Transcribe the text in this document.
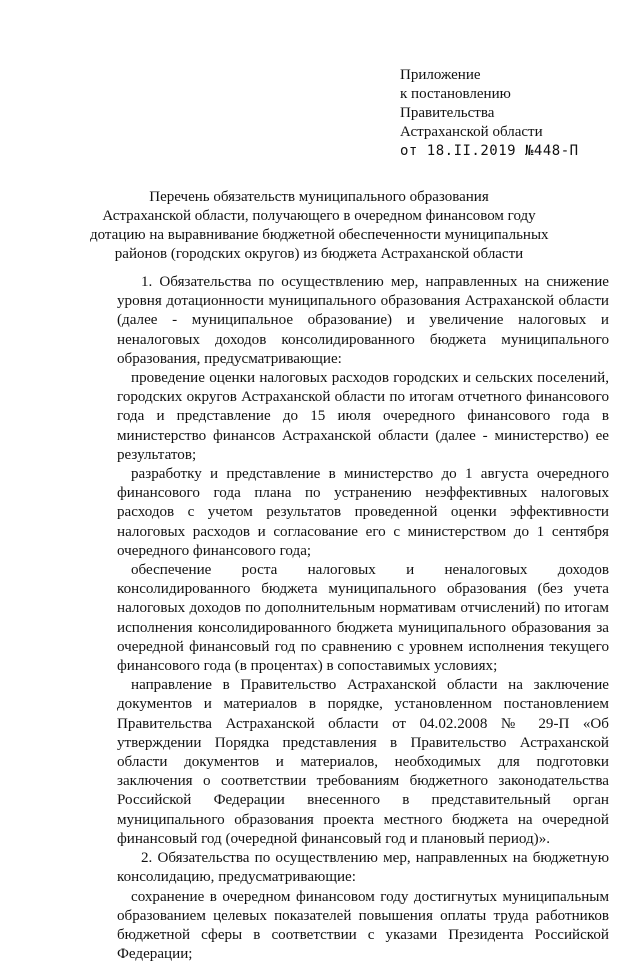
Приложение
к постановлению
Правительства
Астраханской области
от 18.II.2019 №448-П
Перечень обязательств муниципального образования
Астраханской области, получающего в очередном финансовом году
дотацию на выравнивание бюджетной обеспеченности муниципальных
районов (городских округов) из бюджета Астраханской области

1. Обязательства по осуществлению мер, направленных на снижение уровня дотационности муниципального образования Астраханской области (далее - муниципальное образование) и увеличение налоговых и неналоговых доходов консолидированного бюджета муниципального образования, предусматривающие:

проведение оценки налоговых расходов городских и сельских поселений, городских округов Астраханской области по итогам отчетного финансового года и представление до 15 июля очередного финансового года в министерство финансов Астраханской области (далее - министерство) ее результатов;

разработку и представление в министерство до 1 августа очередного финансового года плана по устранению неэффективных налоговых расходов с учетом результатов проведенной оценки эффективности налоговых расходов и согласование его с министерством до 1 сентября очередного финансового года;

обеспечение роста налоговых и неналоговых доходов консолидированного бюджета муниципального образования (без учета налоговых доходов по дополнительным нормативам отчислений) по итогам исполнения консолидированного бюджета муниципального образования за очередной финансовый год по сравнению с уровнем исполнения текущего финансового года (в процентах) в сопоставимых условиях;

направление в Правительство Астраханской области на заключение документов и материалов в порядке, установленном постановлением Правительства Астраханской области от 04.02.2008 № 29-П «Об утверждении Порядка представления в Правительство Астраханской области документов и материалов, необходимых для подготовки заключения о соответствии требованиям бюджетного законодательства Российской Федерации внесенного в представительный орган муниципального образования проекта местного бюджета на очередной финансовый год (очередной финансовый год и плановый период)».

2. Обязательства по осуществлению мер, направленных на бюджетную консолидацию, предусматривающие:

сохранение в очередном финансовом году достигнутых муниципальным образованием целевых показателей повышения оплаты труда работников бюджетной сферы в соответствии с указами Президента Российской Федерации;
